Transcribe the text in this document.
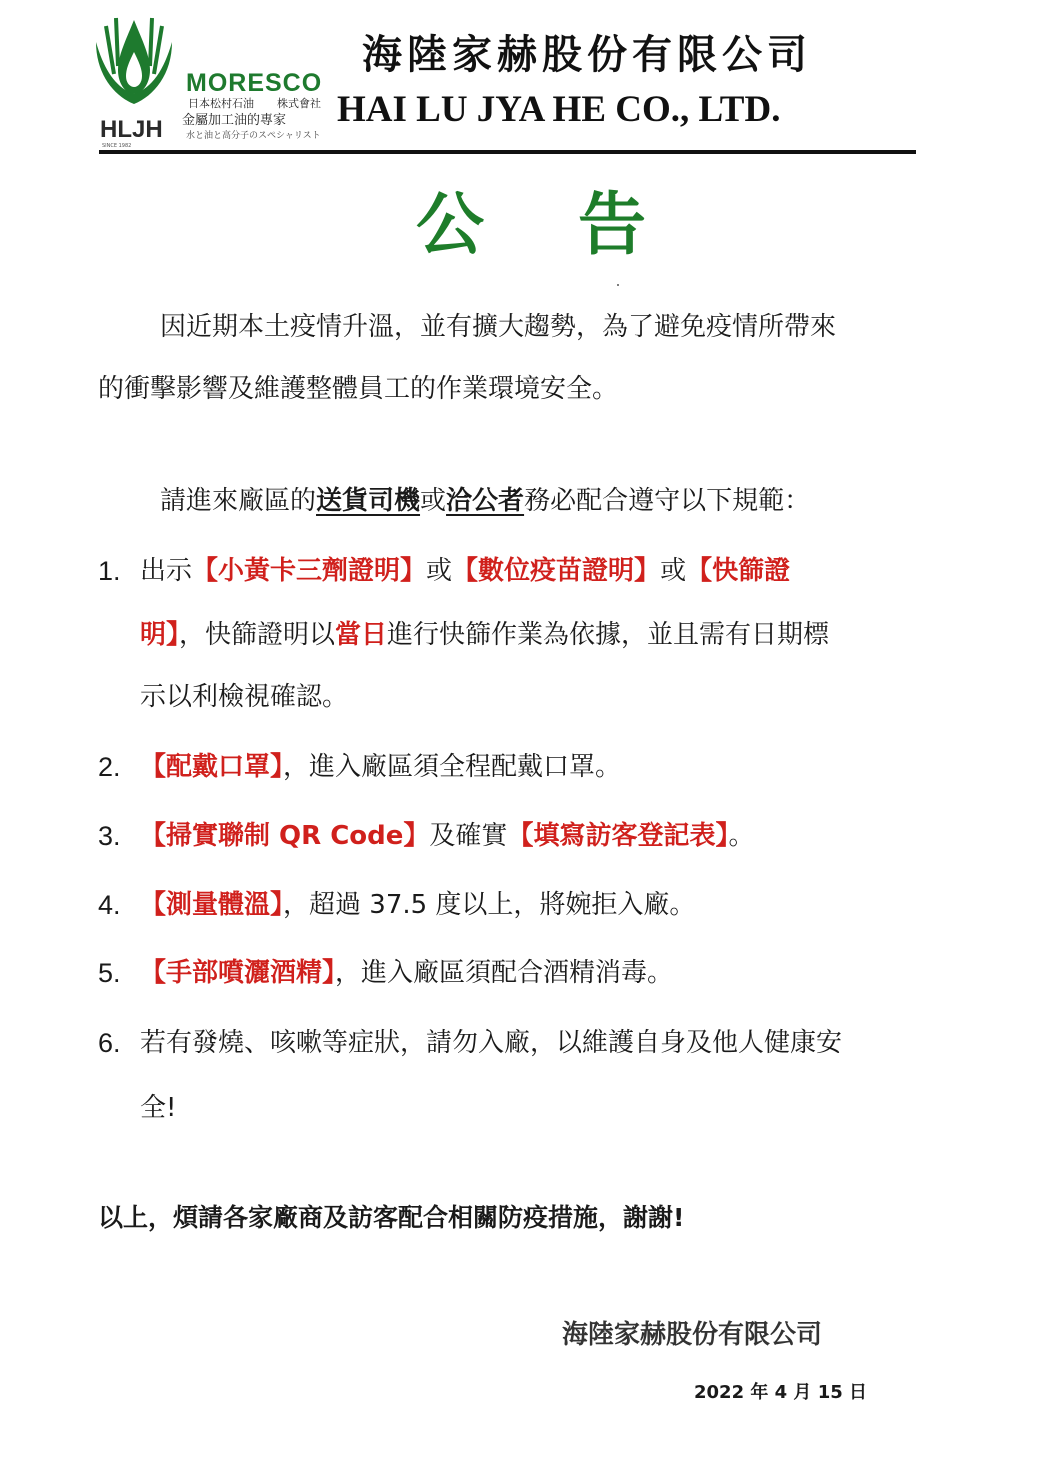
HLJH
SINCE 1982
MORESCO
日本松村石油 株式會社
金屬加工油的專家
水と油と高分子のスペシャリスト
海陸家赫股份有限公司
HAI LU JYA HE CO., LTD.
公 告
因近期本土疫情升溫，並有擴大趨勢，為了避免疫情所帶來
的衝擊影響及維護整體員工的作業環境安全。
請進來廠區的送貨司機或洽公者務必配合遵守以下規範：
1. 出示【小黃卡三劑證明】或【數位疫苗證明】或【快篩證
明】，快篩證明以當日進行快篩作業為依據，並且需有日期標
示以利檢視確認。
2. 【配戴口罩】，進入廠區須全程配戴口罩。
3. 【掃實聯制 QR Code】及確實【填寫訪客登記表】。
4. 【測量體溫】，超過 37.5 度以上，將婉拒入廠。
5. 【手部噴灑酒精】，進入廠區須配合酒精消毒。
6. 若有發燒、咳嗽等症狀，請勿入廠，以維護自身及他人健康安
全!
以上，煩請各家廠商及訪客配合相關防疫措施，謝謝!
海陸家赫股份有限公司
2022 年 4 月 15 日
